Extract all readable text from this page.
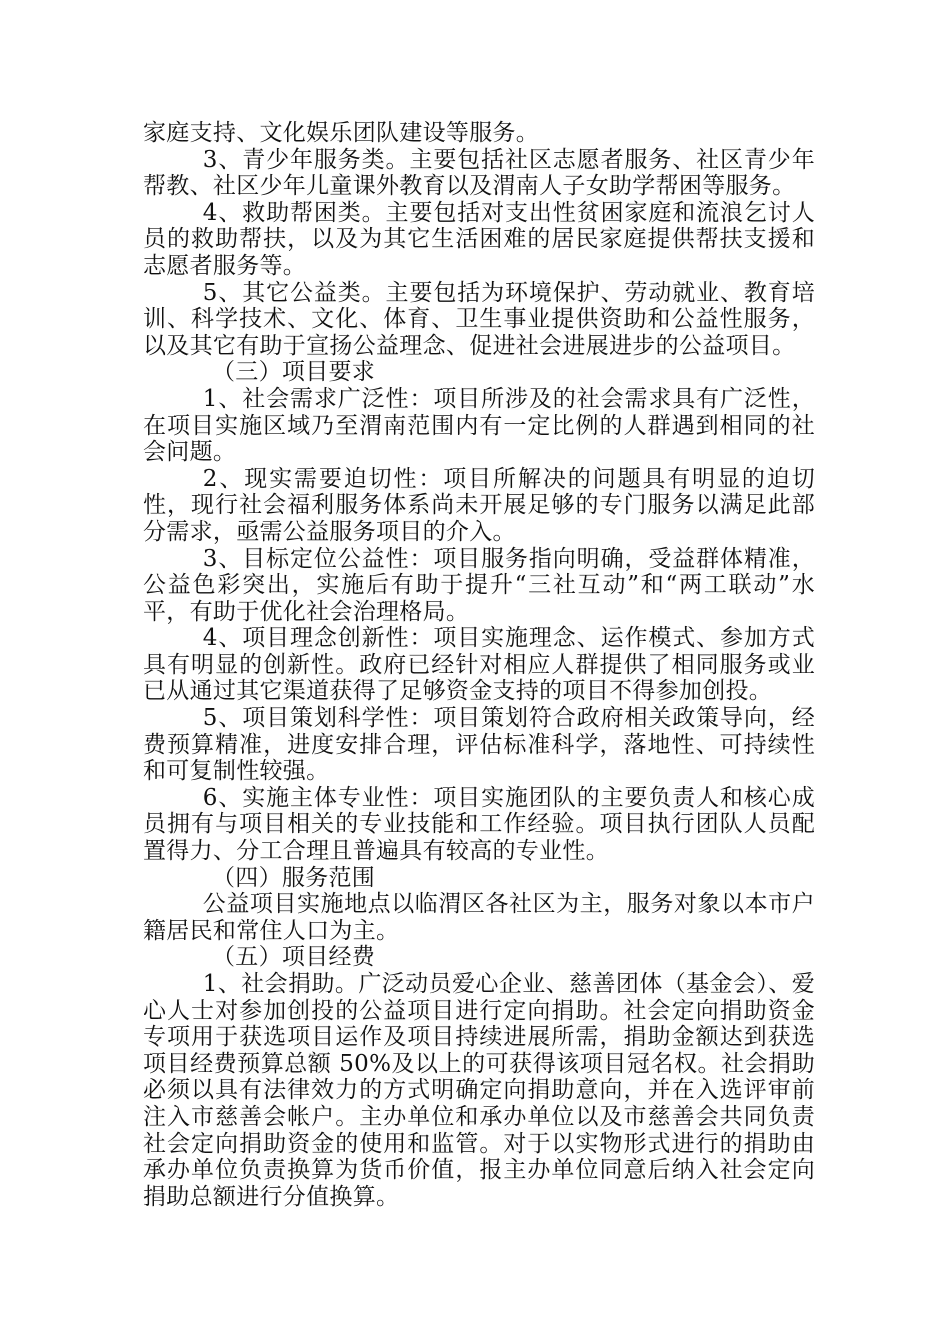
家庭支持、文化娱乐团队建设等服务。

3、青少年服务类。主要包括社区志愿者服务、社区青少年帮教、社区少年儿童课外教育以及渭南人子女助学帮困等服务。

4、救助帮困类。主要包括对支出性贫困家庭和流浪乞讨人员的救助帮扶，以及为其它生活困难的居民家庭提供帮扶支援和志愿者服务等。

5、其它公益类。主要包括为环境保护、劳动就业、教育培训、科学技术、文化、体育、卫生事业提供资助和公益性服务，以及其它有助于宣扬公益理念、促进社会进展进步的公益项目。

（三）项目要求

1、社会需求广泛性：项目所涉及的社会需求具有广泛性，在项目实施区域乃至渭南范围内有一定比例的人群遇到相同的社会问题。

2、现实需要迫切性：项目所解决的问题具有明显的迫切性，现行社会福利服务体系尚未开展足够的专门服务以满足此部分需求，亟需公益服务项目的介入。

3、目标定位公益性：项目服务指向明确，受益群体精准，公益色彩突出，实施后有助于提升“三社互动”和“两工联动”水平，有助于优化社会治理格局。

4、项目理念创新性：项目实施理念、运作模式、参加方式具有明显的创新性。政府已经针对相应人群提供了相同服务或业已从通过其它渠道获得了足够资金支持的项目不得参加创投。

5、项目策划科学性：项目策划符合政府相关政策导向，经费预算精准，进度安排合理，评估标准科学，落地性、可持续性和可复制性较强。

6、实施主体专业性：项目实施团队的主要负责人和核心成员拥有与项目相关的专业技能和工作经验。项目执行团队人员配置得力、分工合理且普遍具有较高的专业性。

（四）服务范围

公益项目实施地点以临渭区各社区为主，服务对象以本市户籍居民和常住人口为主。

（五）项目经费

1、社会捐助。广泛动员爱心企业、慈善团体（基金会）、爱心人士对参加创投的公益项目进行定向捐助。社会定向捐助资金专项用于获选项目运作及项目持续进展所需，捐助金额达到获选项目经费预算总额 50%及以上的可获得该项目冠名权。社会捐助必须以具有法律效力的方式明确定向捐助意向，并在入选评审前注入市慈善会帐户。主办单位和承办单位以及市慈善会共同负责社会定向捐助资金的使用和监管。对于以实物形式进行的捐助由承办单位负责换算为货币价值，报主办单位同意后纳入社会定向捐助总额进行分值换算。
